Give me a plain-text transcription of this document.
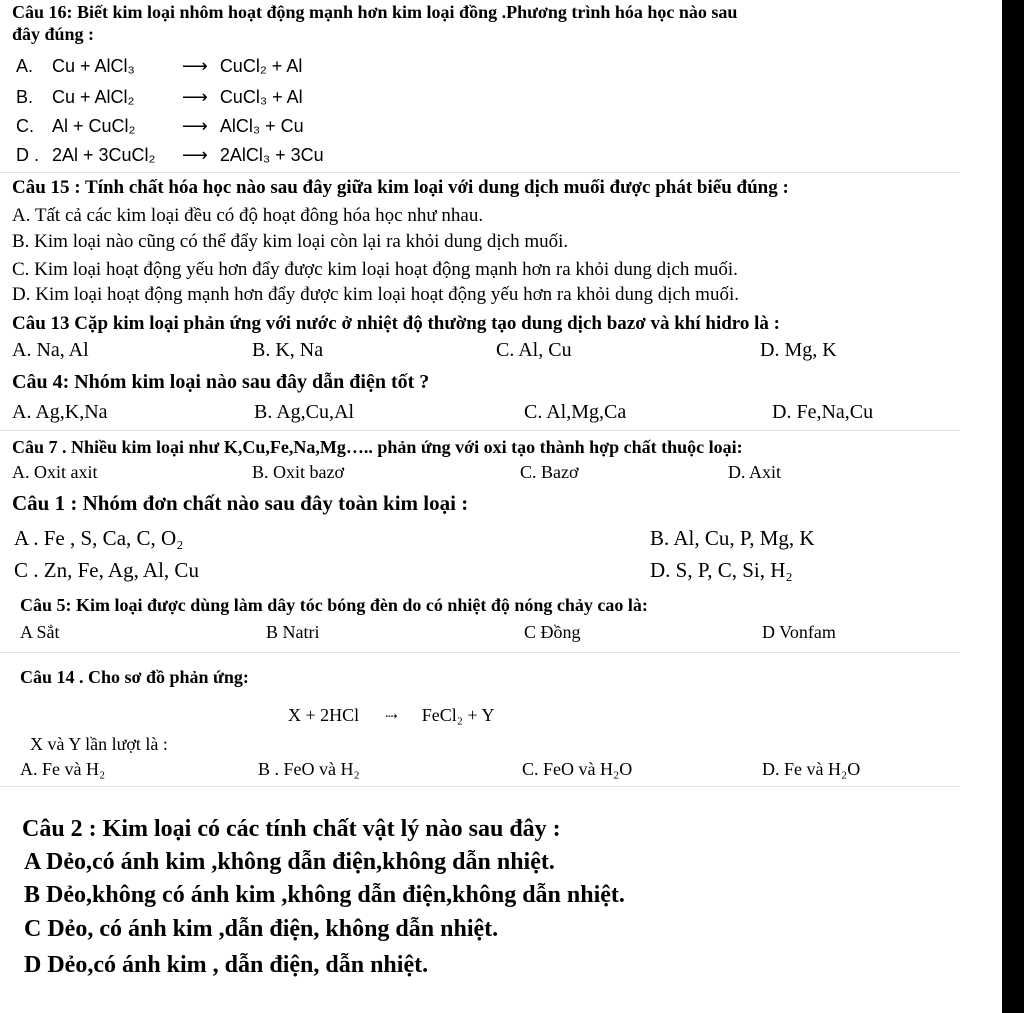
Câu 16: Biết kim loại nhôm hoạt động mạnh hơn kim loại đồng .Phương trình hóa học nào sau
đây đúng :
A. Cu + AlCl₃	⟶ CuCl₂ + Al
B. Cu + AlCl₂	⟶ CuCl₃ + Al
C. Al + CuCl₂	⟶ AlCl₃ + Cu
D . 2Al + 3CuCl₂ ⟶ 2AlCl₃ + 3Cu
Câu 15 : Tính chất hóa học nào sau đây giữa kim loại với dung dịch muối được phát biểu đúng :
A. Tất cả các kim loại đều có độ hoạt đông hóa học như nhau.
B. Kim loại nào cũng có thể đẩy kim loại còn lại ra khỏi dung dịch muối.
C. Kim loại hoạt động yếu hơn đẩy được kim loại hoạt động mạnh hơn ra khỏi dung dịch muối.
D. Kim loại hoạt động mạnh hơn đẩy được kim loại hoạt động yếu hơn ra khỏi dung dịch muối.
Câu 13 Cặp kim loại phản ứng với nước ở nhiệt độ thường tạo dung dịch bazơ và khí hidro là :
A. Na, Al	B. K, Na	C. Al, Cu	D. Mg, K
Câu 4: Nhóm kim loại nào sau đây dẫn điện tốt ?
A. Ag,K,Na	B. Ag,Cu,Al	C. Al,Mg,Ca	D. Fe,Na,Cu
Câu 7 . Nhiều kim loại như K,Cu,Fe,Na,Mg….. phản ứng với oxi tạo thành hợp chất thuộc loại:
A. Oxit axit	B. Oxit bazơ	C. Bazơ	D. Axit
Câu 1 : Nhóm đơn chất nào sau đây toàn kim loại :
A . Fe , S, Ca, C, O₂	B. Al, Cu, P, Mg, K
C . Zn, Fe, Ag, Al, Cu	D. S, P, C, Si, H₂
Câu 5: Kim loại được dùng làm dây tóc bóng đèn do có nhiệt độ nóng chảy cao là:
A Sắt	B Natri	C Đồng	D Vonfam
Câu 14 . Cho sơ đồ phản ứng:
X + 2HCl ⇢ FeCl₂ + Y
X và Y lần lượt là :
A. Fe và H₂	B . FeO và H₂	C. FeO và H₂O	D. Fe và H₂O
Câu 2 : Kim loại có các tính chất vật lý nào sau đây :
A Dẻo,có ánh kim ,không dẫn điện,không dẫn nhiệt.
B Dẻo,không có ánh kim ,không dẫn điện,không dẫn nhiệt.
C Dẻo, có ánh kim ,dẫn điện, không dẫn nhiệt.
D Dẻo,có ánh kim , dẫn điện, dẫn nhiệt.
